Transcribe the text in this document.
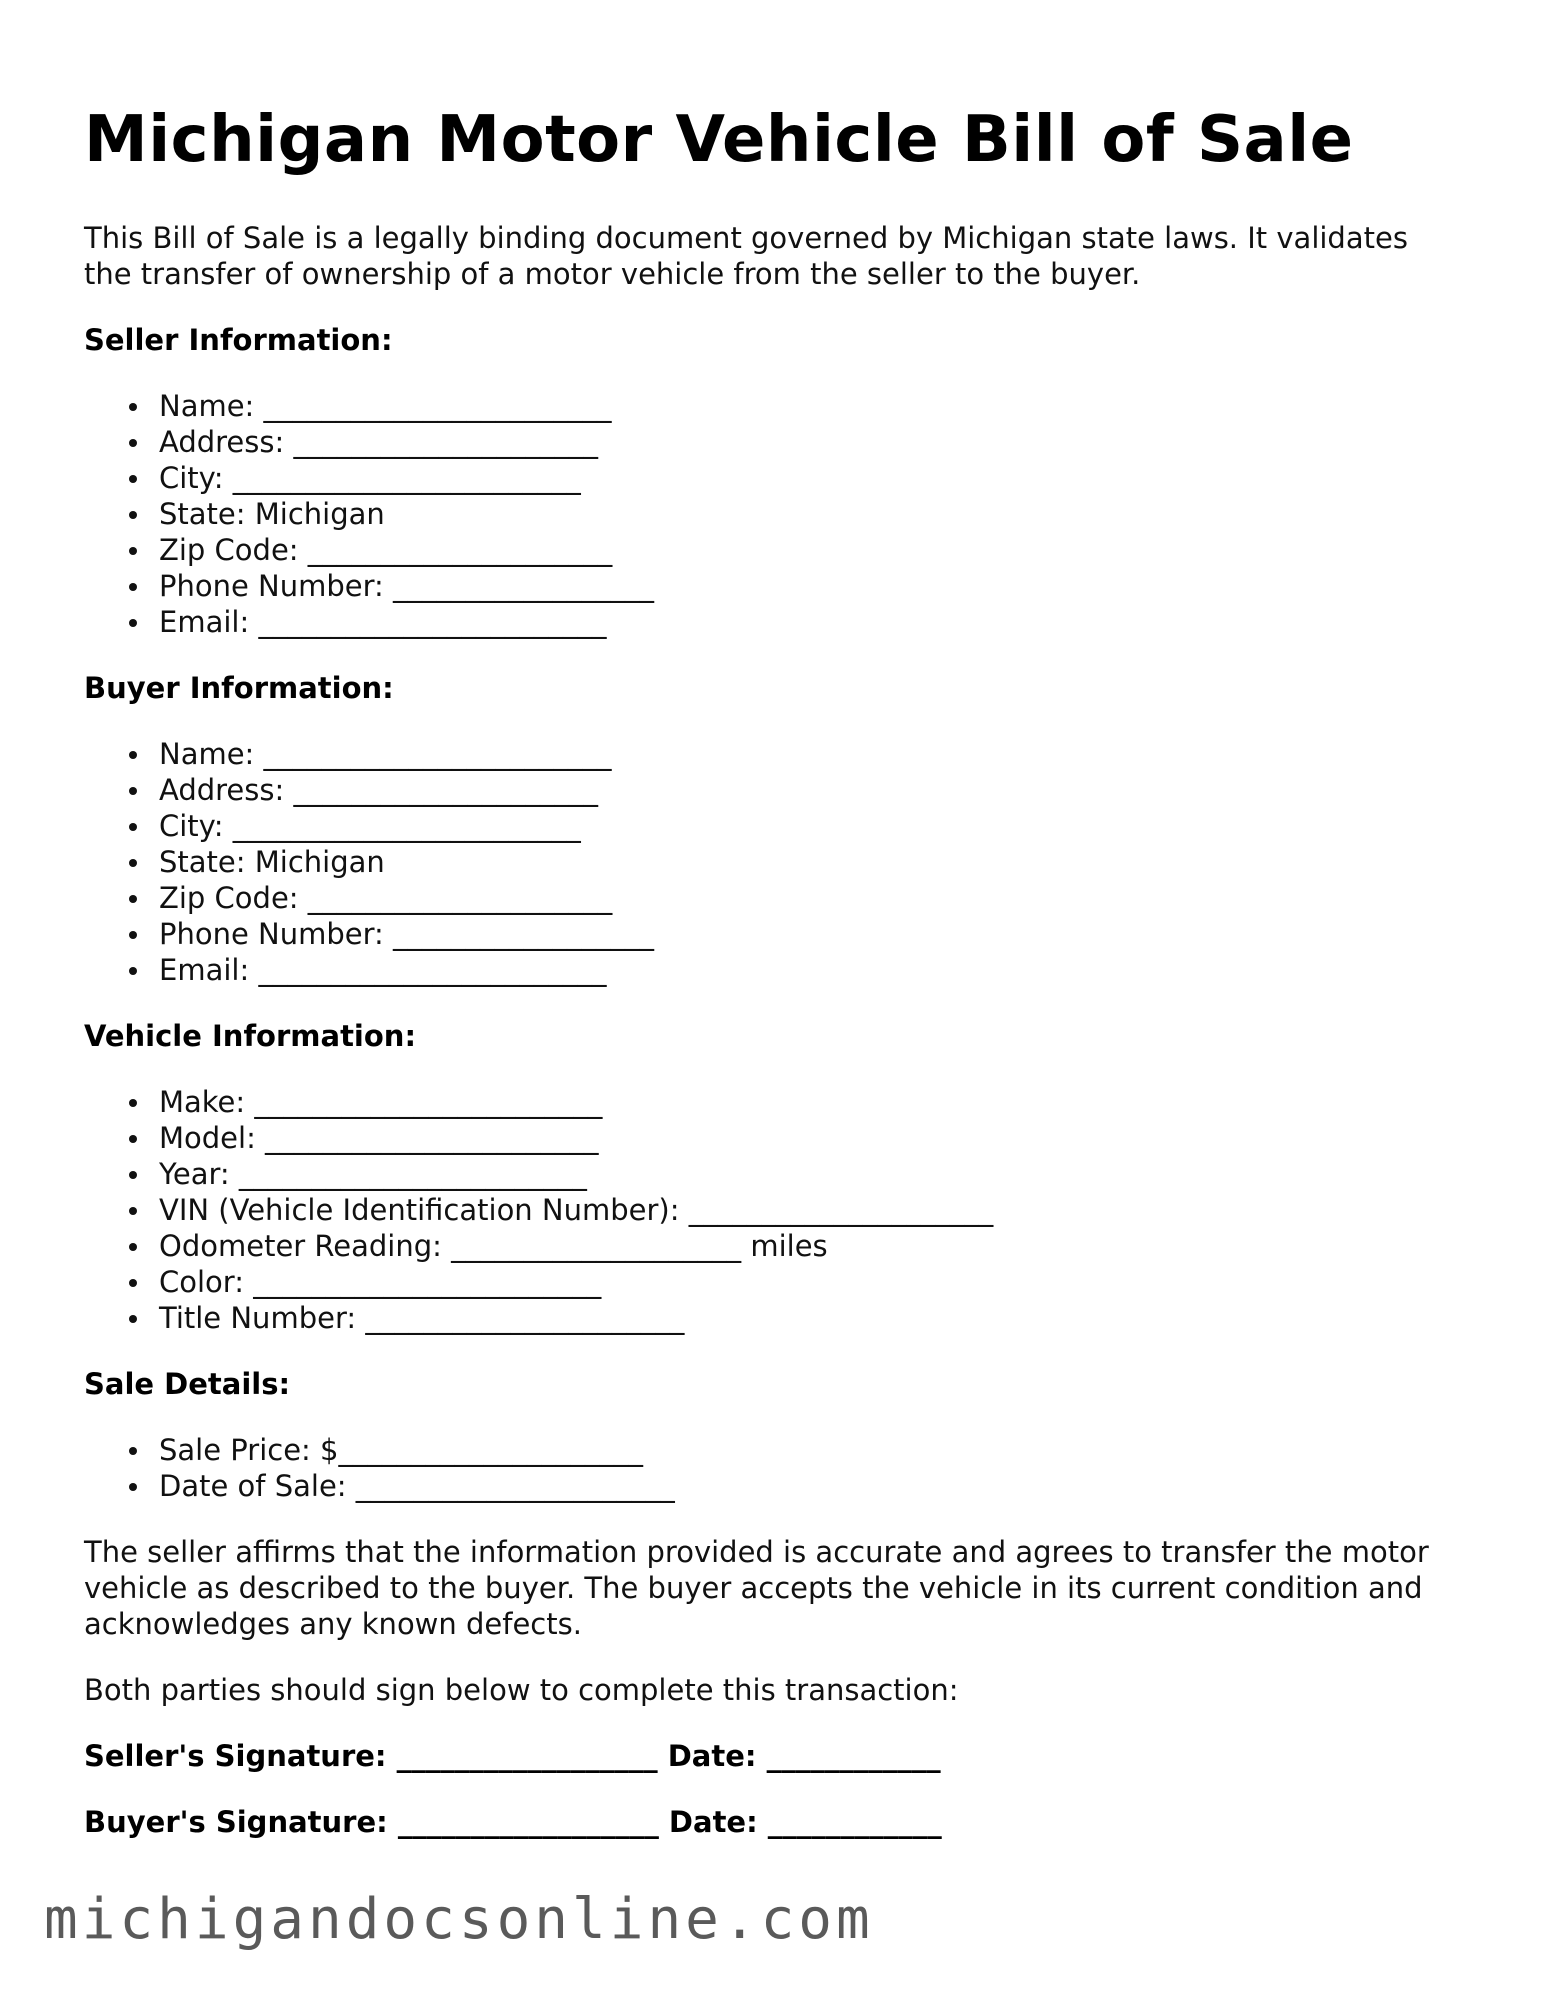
Michigan Motor Vehicle Bill of Sale

This Bill of Sale is a legally binding document governed by Michigan state laws. It validates the transfer of ownership of a motor vehicle from the seller to the buyer.

Seller Information:
Name: ________________________
Address: _____________________
City: ________________________
State: Michigan
Zip Code: _____________________
Phone Number: __________________
Email: ________________________
Buyer Information:
Name: ________________________
Address: _____________________
City: ________________________
State: Michigan
Zip Code: _____________________
Phone Number: __________________
Email: ________________________
Vehicle Information:
Make: ________________________
Model: _______________________
Year: ________________________
VIN (Vehicle Identification Number): _____________________
Odometer Reading: ____________________ miles
Color: ________________________
Title Number: ______________________
Sale Details:
Sale Price: $_____________________
Date of Sale: ______________________

The seller affirms that the information provided is accurate and agrees to transfer the motor vehicle as described to the buyer. The buyer accepts the vehicle in its current condition and acknowledges any known defects.

Both parties should sign below to complete this transaction:

Seller's Signature: __________________ Date: ____________
Buyer's Signature: __________________ Date: ____________
michigandocsonline.com
